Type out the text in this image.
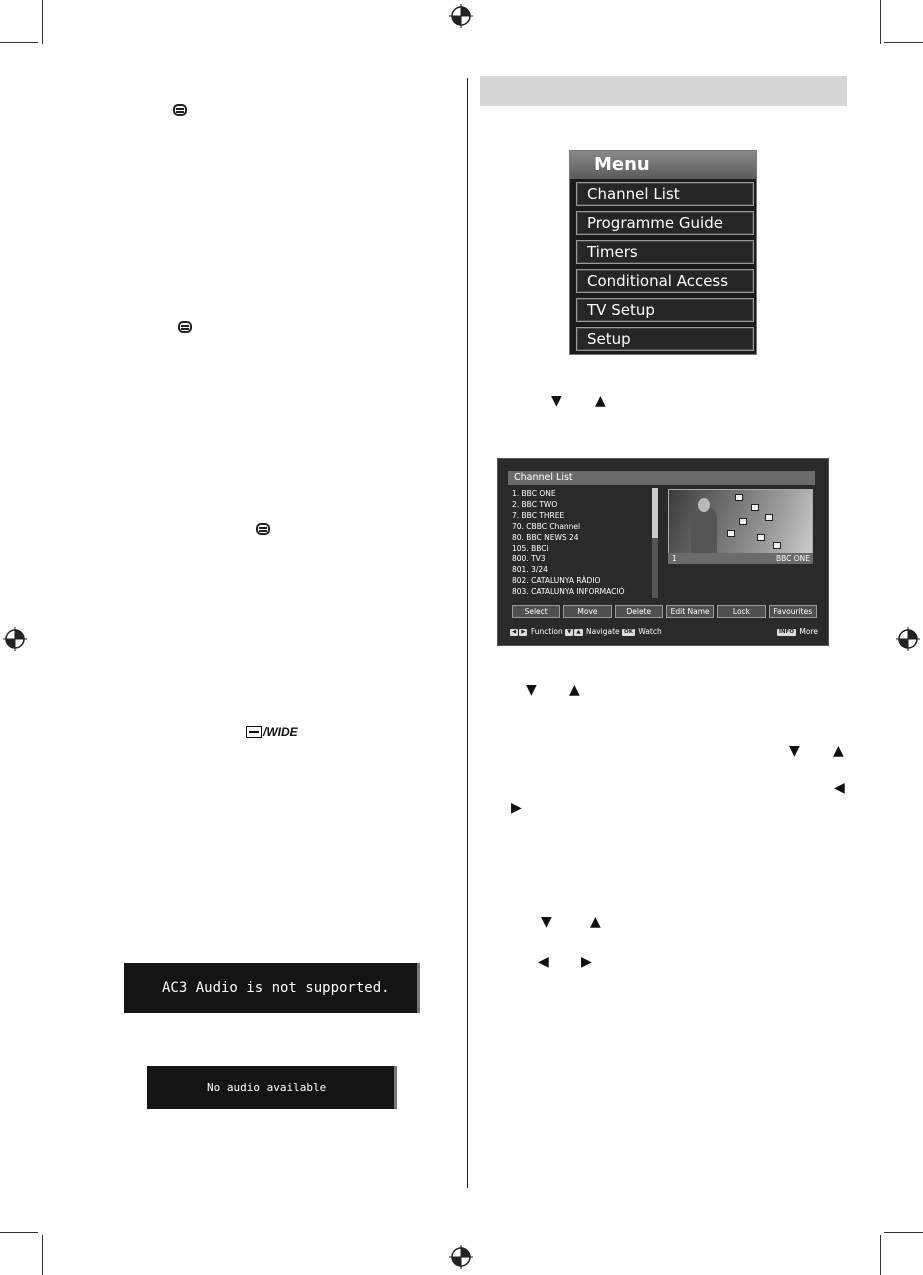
/WIDE
AC3 Audio is not supported.
No audio available
Menu
Channel List
Programme Guide
Timers
Conditional Access
TV Setup
Setup
▼ ▲
Channel List
1. BBC ONE
2. BBC TWO
7. BBC THREE
70. CBBC Channel
80. BBC NEWS 24
105. BBCi
800. TV3
801. 3/24
802. CATALUNYA RÀDIO
803. CATALUNYA INFORMACIÓ
1	BBC ONE
Select	Move	Delete	Edit Name	Lock	Favourites
◀ ▶ Function ▼ ▲ Navigate OK Watch	INFO More
▼ ▲
▼ ▲
◀
▶
▼	▲
◀ ▶
